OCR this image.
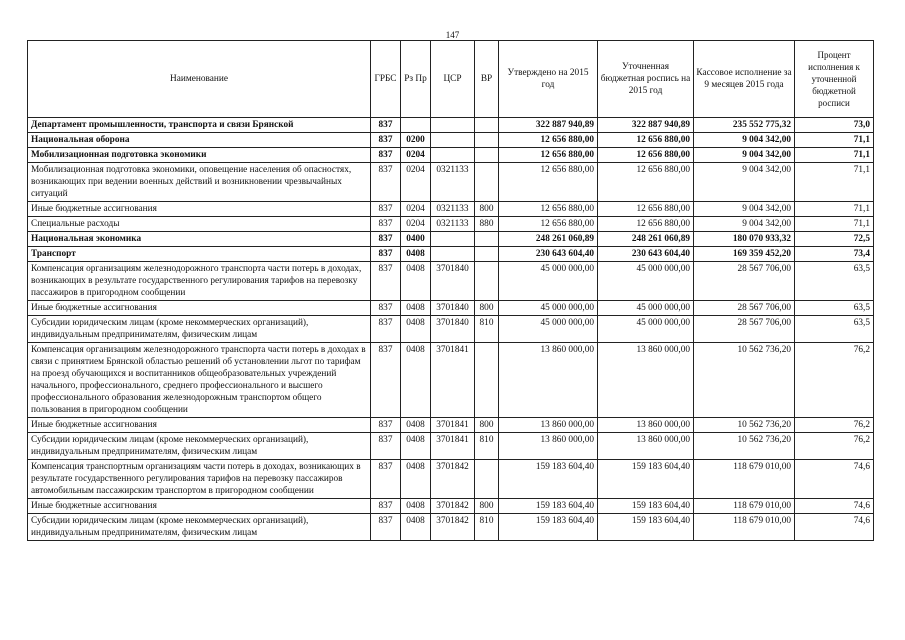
147
Наименование	ГРБС	Рз Пр	ЦСР	ВР	Утверждено на 2015 год	Уточненная бюджетная роспись на 2015 год	Кассовое исполнение за 9 месяцев 2015 года	Процент исполнения к уточненной бюджетной росписи
Департамент промышленности, транспорта и связи Брянской	837				322 887 940,89	322 887 940,89	235 552 775,32	73,0
Национальная оборона	837	0200			12 656 880,00	12 656 880,00	9 004 342,00	71,1
Мобилизационная подготовка экономики	837	0204			12 656 880,00	12 656 880,00	9 004 342,00	71,1
Мобилизационная подготовка экономики, оповещение населения об опасностях, возникающих при ведении военных действий и возникновении чрезвычайных ситуаций	837	0204	0321133		12 656 880,00	12 656 880,00	9 004 342,00	71,1
Иные бюджетные ассигнования	837	0204	0321133	800	12 656 880,00	12 656 880,00	9 004 342,00	71,1
Специальные расходы	837	0204	0321133	880	12 656 880,00	12 656 880,00	9 004 342,00	71,1
Национальная экономика	837	0400			248 261 060,89	248 261 060,89	180 070 933,32	72,5
Транспорт	837	0408			230 643 604,40	230 643 604,40	169 359 452,20	73,4
Компенсация организациям железнодорожного транспорта части потерь в доходах, возникающих в результате государственного регулирования тарифов на перевозку пассажиров в пригородном сообщении	837	0408	3701840		45 000 000,00	45 000 000,00	28 567 706,00	63,5
Иные бюджетные ассигнования	837	0408	3701840	800	45 000 000,00	45 000 000,00	28 567 706,00	63,5
Субсидии юридическим лицам (кроме некоммерческих организаций), индивидуальным предпринимателям, физическим лицам	837	0408	3701840	810	45 000 000,00	45 000 000,00	28 567 706,00	63,5
Компенсация организациям железнодорожного транспорта части потерь в доходах в связи с принятием Брянской областью решений об установлении льгот по тарифам на проезд обучающихся и воспитанников общеобразовательных учреждений начального, профессионального, среднего профессионального и высшего профессионального образования железнодорожным транспортом общего пользования в пригородном сообщении	837	0408	3701841		13 860 000,00	13 860 000,00	10 562 736,20	76,2
Иные бюджетные ассигнования	837	0408	3701841	800	13 860 000,00	13 860 000,00	10 562 736,20	76,2
Субсидии юридическим лицам (кроме некоммерческих организаций), индивидуальным предпринимателям, физическим лицам	837	0408	3701841	810	13 860 000,00	13 860 000,00	10 562 736,20	76,2
Компенсация транспортным организациям части потерь в доходах, возникающих в результате государственного регулирования тарифов на перевозку пассажиров автомобильным пассажирским транспортом в пригородном сообщении	837	0408	3701842		159 183 604,40	159 183 604,40	118 679 010,00	74,6
Иные бюджетные ассигнования	837	0408	3701842	800	159 183 604,40	159 183 604,40	118 679 010,00	74,6
Субсидии юридическим лицам (кроме некоммерческих организаций), индивидуальным предпринимателям, физическим лицам	837	0408	3701842	810	159 183 604,40	159 183 604,40	118 679 010,00	74,6
